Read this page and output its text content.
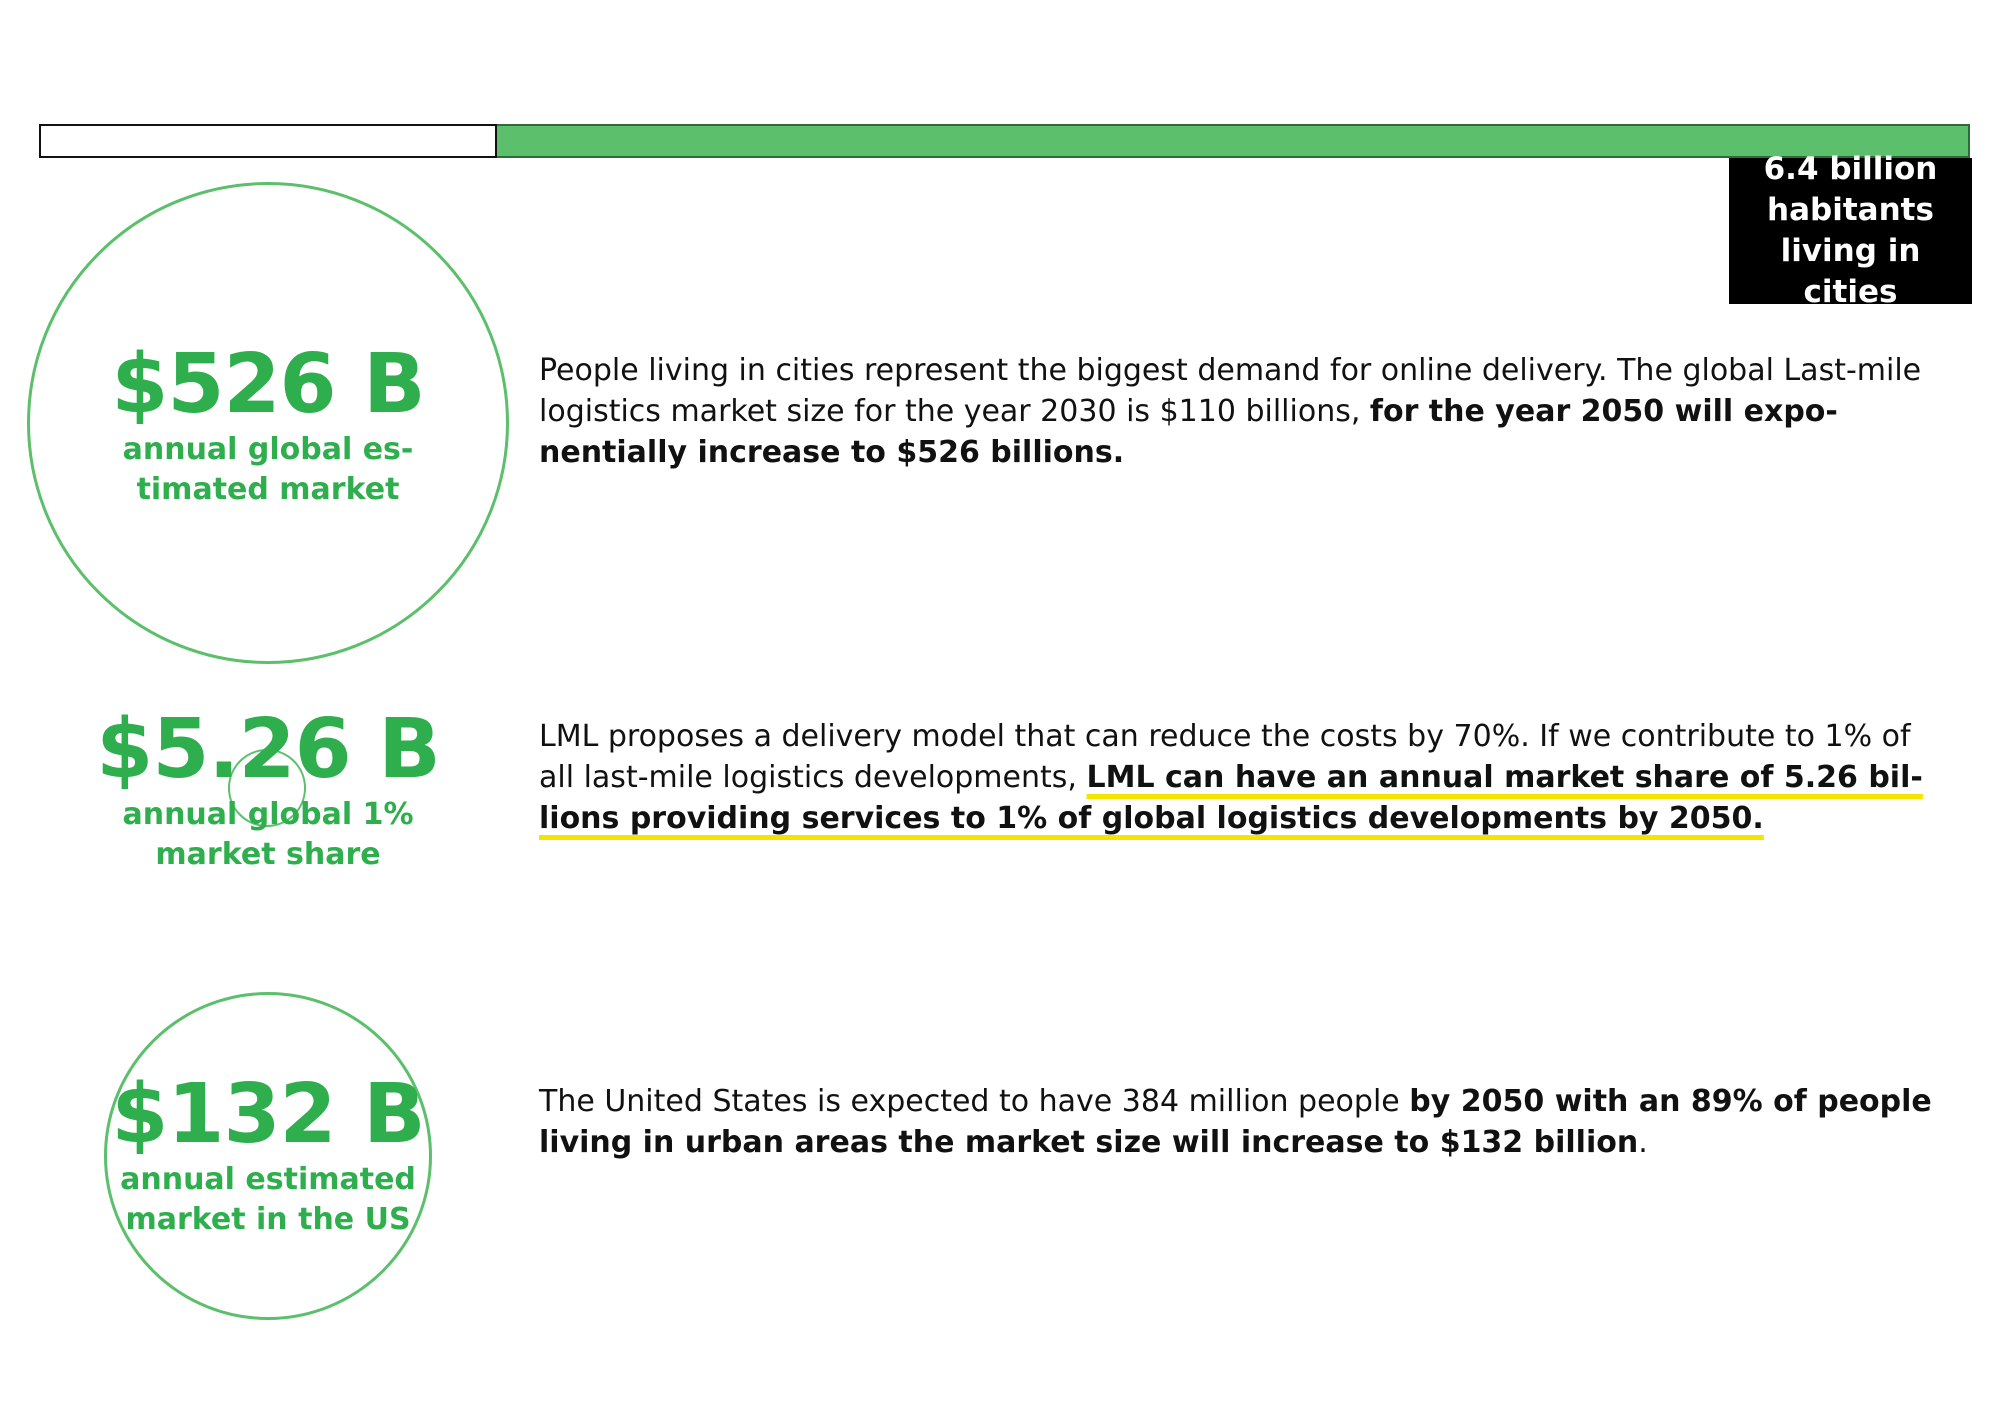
6.4 billion
habitants
living in cities
$526 B
annual global es-
timated market
$5.26 B
annual global 1%
market share
$132 B
annual estimated
market in the US
People living in cities represent the biggest demand for online delivery. The global Last-mile logistics market size for the year 2030 is $110 billions, for the year 2050 will expo-nentially increase to $526 billions.
LML proposes a delivery model that can reduce the costs by 70%. If we contribute to 1% of all last-mile logistics developments, LML can have an annual market share of 5.26 bil-lions providing services to 1% of global logistics developments by 2050.
The United States is expected to have 384 million people by 2050 with an 89% of people living in urban areas the market size will increase to $132 billion.
